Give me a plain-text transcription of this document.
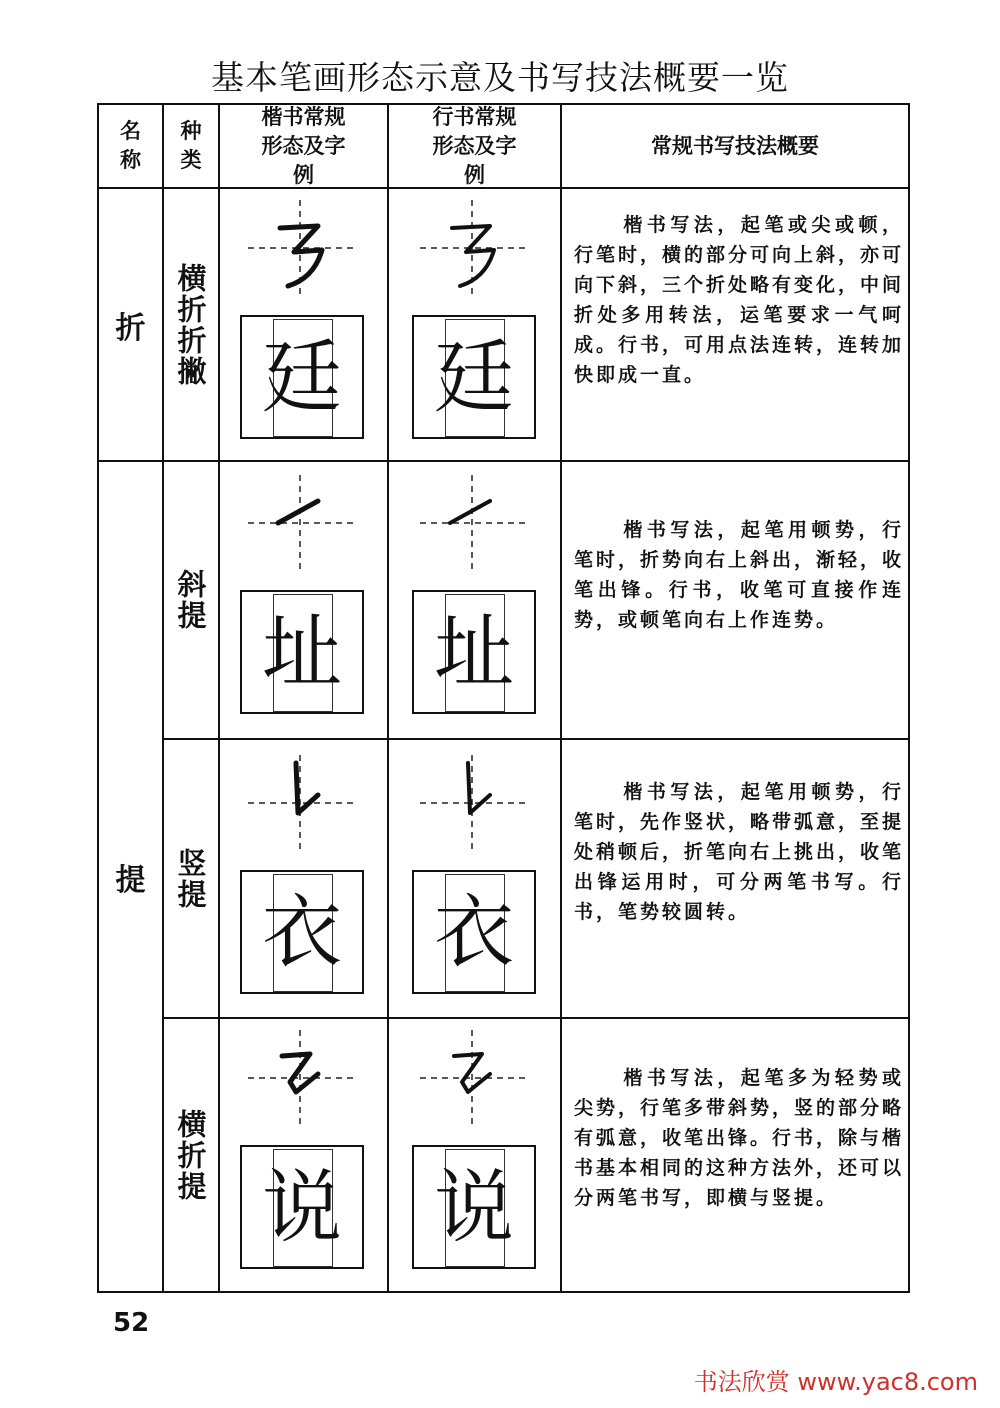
基本笔画形态示意及书写技法概要一览
名称
种类
楷书常规形态及字例
行书常规形态及字例
常规书写技法概要
折
提
横折折撇
斜提
竖提
横折提
楷书写法，起笔或尖或顿，行笔时，横的部分可向上斜，亦可向下斜，三个折处略有变化，中间折处多用转法，运笔要求一气呵成。行书，可用点法连转，连转加快即成一直。
楷书写法，起笔用顿势，行笔时，折势向右上斜出，渐轻，收笔出锋。行书，收笔可直接作连势，或顿笔向右上作连势。
楷书写法，起笔用顿势，行笔时，先作竖状，略带弧意，至提处稍顿后，折笔向右上挑出，收笔出锋运用时，可分两笔书写。行书，笔势较圆转。
楷书写法，起笔多为轻势或尖势，行笔多带斜势，竖的部分略有弧意，收笔出锋。行书，除与楷书基本相同的这种方法外，还可以分两笔书写，即横与竖提。
廷 廷
址 址
衣 衣
说 说
52
书法欣赏 www.yac8.com
